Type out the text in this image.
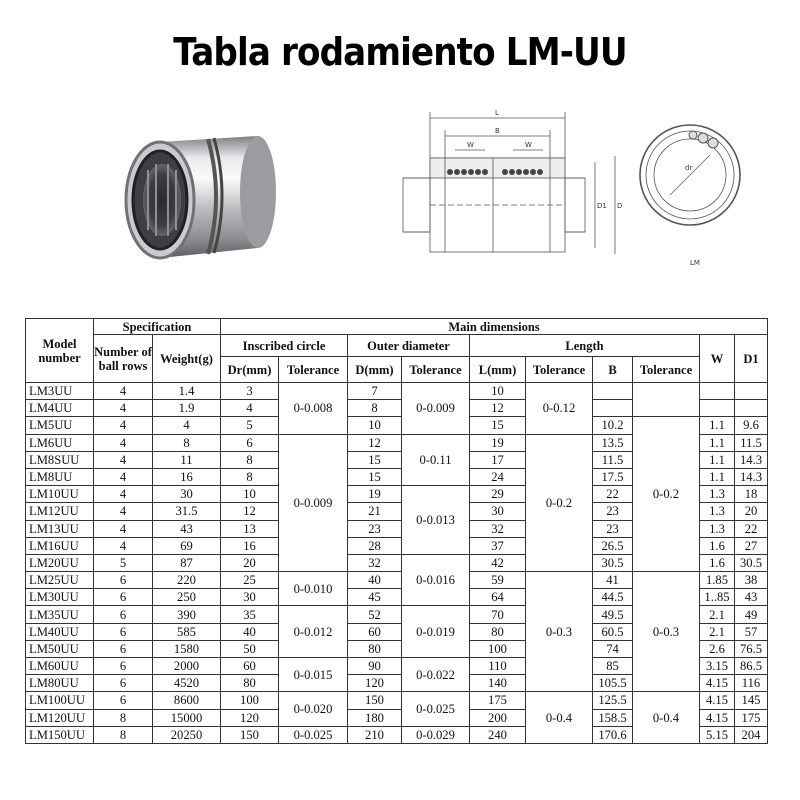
Tabla rodamiento LM-UU
L
B
W	W
D1 D
dr
LM
Model number	Specification		Main dimensions									
	Number of ball rows	Weight(g)	Inscribed circle		Outer diameter		Length				W	D1
			Dr(mm)	Tolerance	D(mm)	Tolerance	L(mm)	Tolerance	B	Tolerance		
LM3UU	4	1.4	3	0-0.008	7	0-0.009	10	0-0.12				
LM4UU	4	1.9	4		8		12					
LM5UU	4	4	5		10		15		10.2	0-0.2	1.1	9.6
LM6UU	4	8	6	0-0.009	12	0-0.11	19	0-0.2	13.5		1.1	11.5
LM8SUU	4	11	8		15		17		11.5		1.1	14.3
LM8UU	4	16	8		15		24		17.5		1.1	14.3
LM10UU	4	30	10		19	0-0.013	29		22		1.3	18
LM12UU	4	31.5	12		21		30		23		1.3	20
LM13UU	4	43	13		23		32		23		1.3	22
LM16UU	4	69	16		28		37		26.5		1.6	27
LM20UU	5	87	20		32	0-0.016	42		30.5		1.6	30.5
LM25UU	6	220	25	0-0.010	40		59	0-0.3	41	0-0.3	1.85	38
LM30UU	6	250	30		45		64		44.5		1..85	43
LM35UU	6	390	35	0-0.012	52	0-0.019	70		49.5		2.1	49
LM40UU	6	585	40		60		80		60.5		2.1	57
LM50UU	6	1580	50		80		100		74		2.6	76.5
LM60UU	6	2000	60	0-0.015	90	0-0.022	110		85		3.15	86.5
LM80UU	6	4520	80		120		140		105.5		4.15	116
LM100UU	6	8600	100	0-0.020	150	0-0.025	175	0-0.4	125.5	0-0.4	4.15	145
LM120UU	8	15000	120		180		200		158.5		4.15	175
LM150UU	8	20250	150	0-0.025	210	0-0.029	240		170.6		5.15	204
